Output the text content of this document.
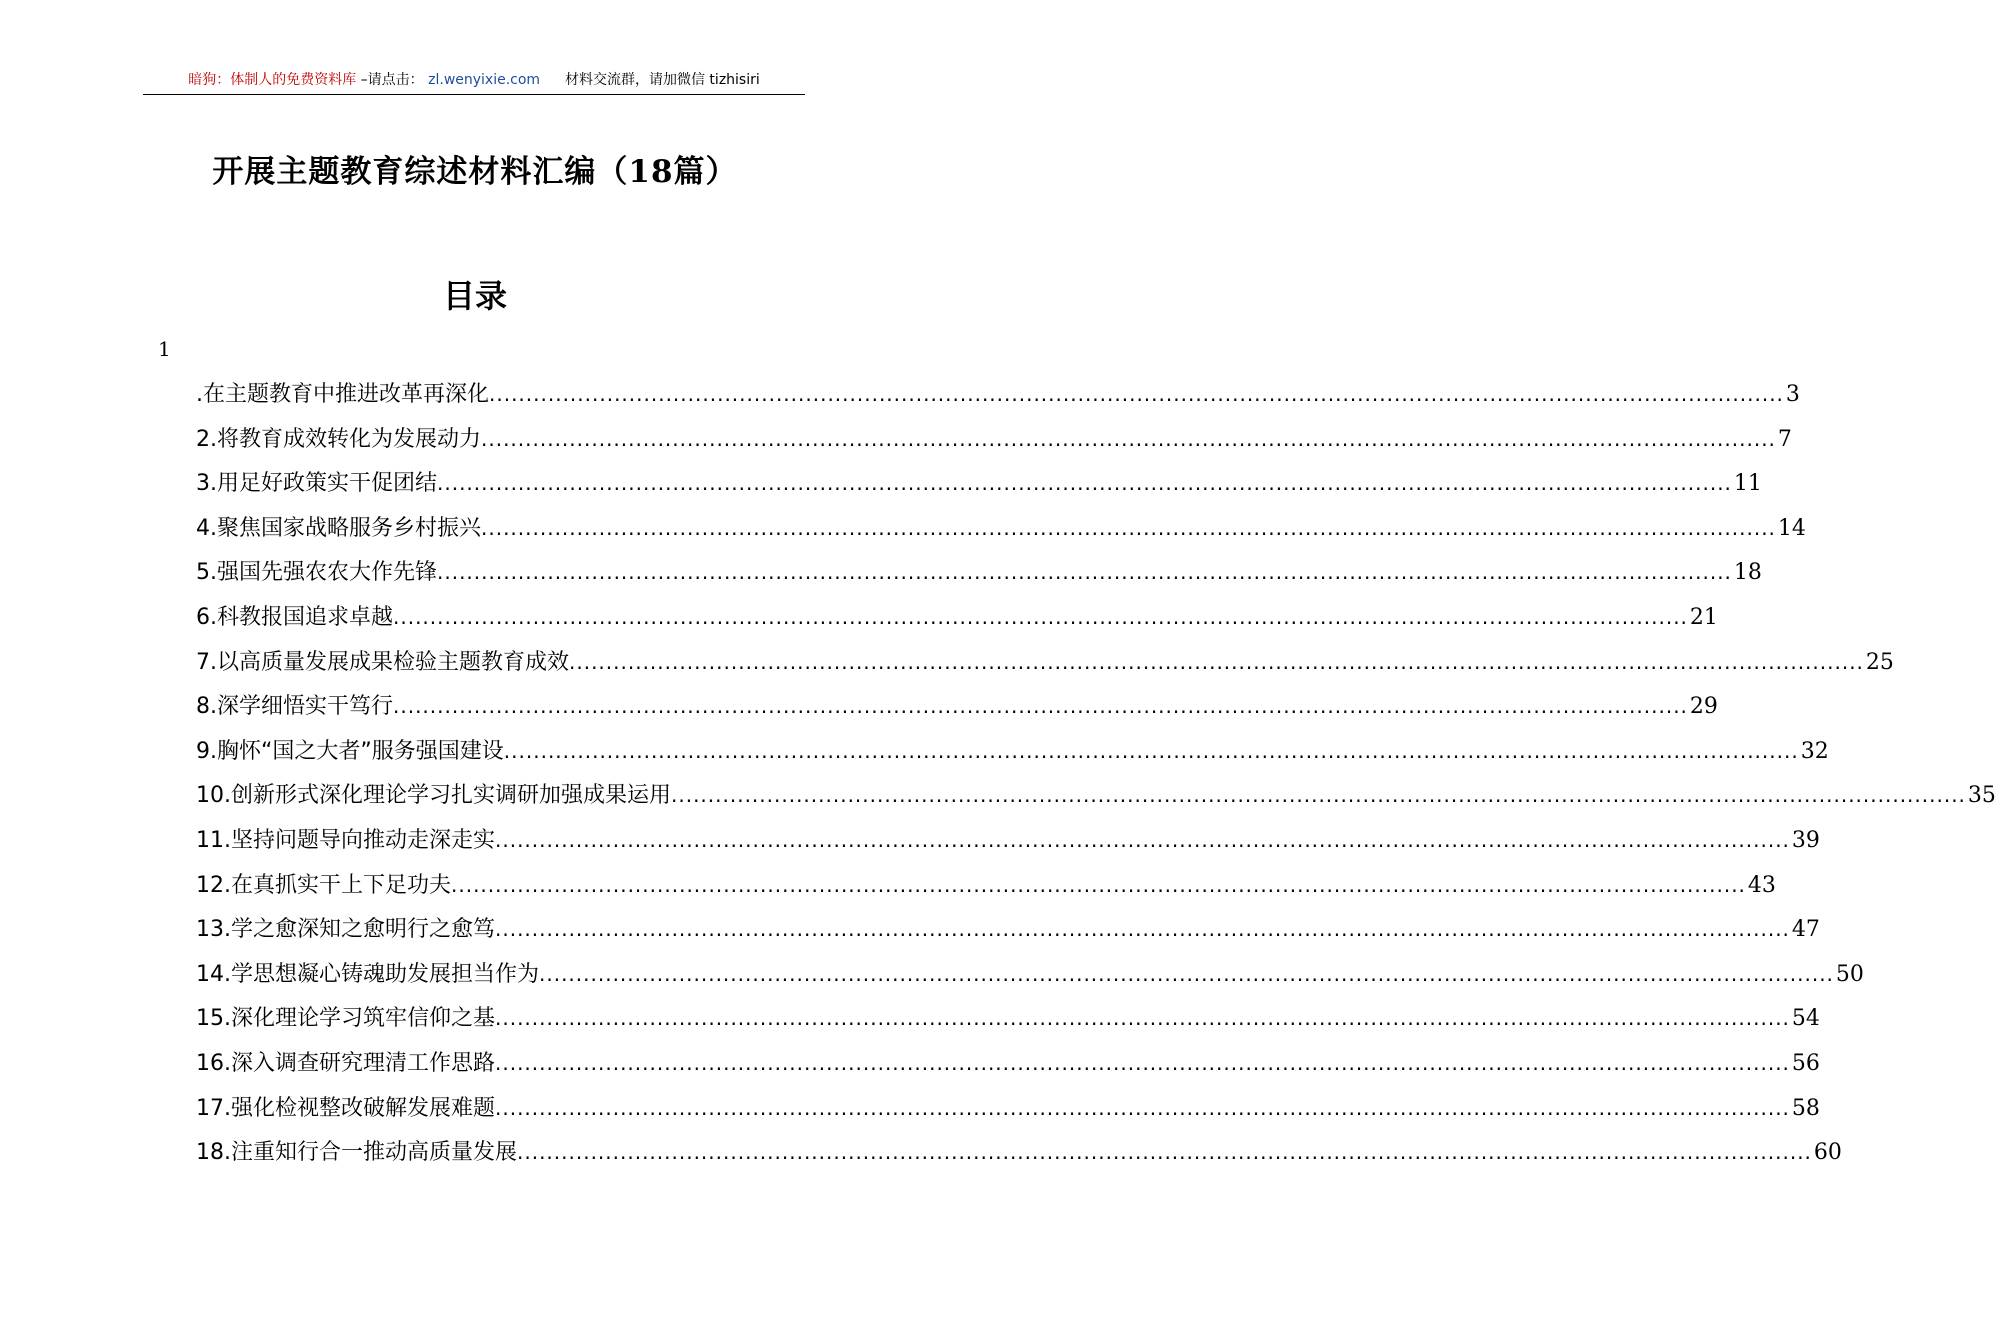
暗狗：体制人的免费资料库 –请点击： zl.wenyixie.com 材料交流群，请加微信 tizhisiri
开展主题教育综述材料汇编（18篇）
目录
1
.在主题教育中推进改革再深化 .....	3
2.将教育成效转化为发展动力 .....	7
3.用足好政策实干促团结 .....	11
4.聚焦国家战略服务乡村振兴 .....	14
5.强国先强农农大作先锋 .....	18
6.科教报国追求卓越 .....	21
7.以高质量发展成果检验主题教育成效 .....	25
8.深学细悟实干笃行 .....	29
9.胸怀“国之大者”服务强国建设 .....	32
10.创新形式深化理论学习扎实调研加强成果运用 .....	35
11.坚持问题导向推动走深走实 .....	39
12.在真抓实干上下足功夫 .....	43
13.学之愈深知之愈明行之愈笃 .....	47
14.学思想凝心铸魂助发展担当作为 .....	50
15.深化理论学习筑牢信仰之基 .....	54
16.深入调查研究理清工作思路 .....	56
17.强化检视整改破解发展难题 .....	58
18.注重知行合一推动高质量发展 .....	60
